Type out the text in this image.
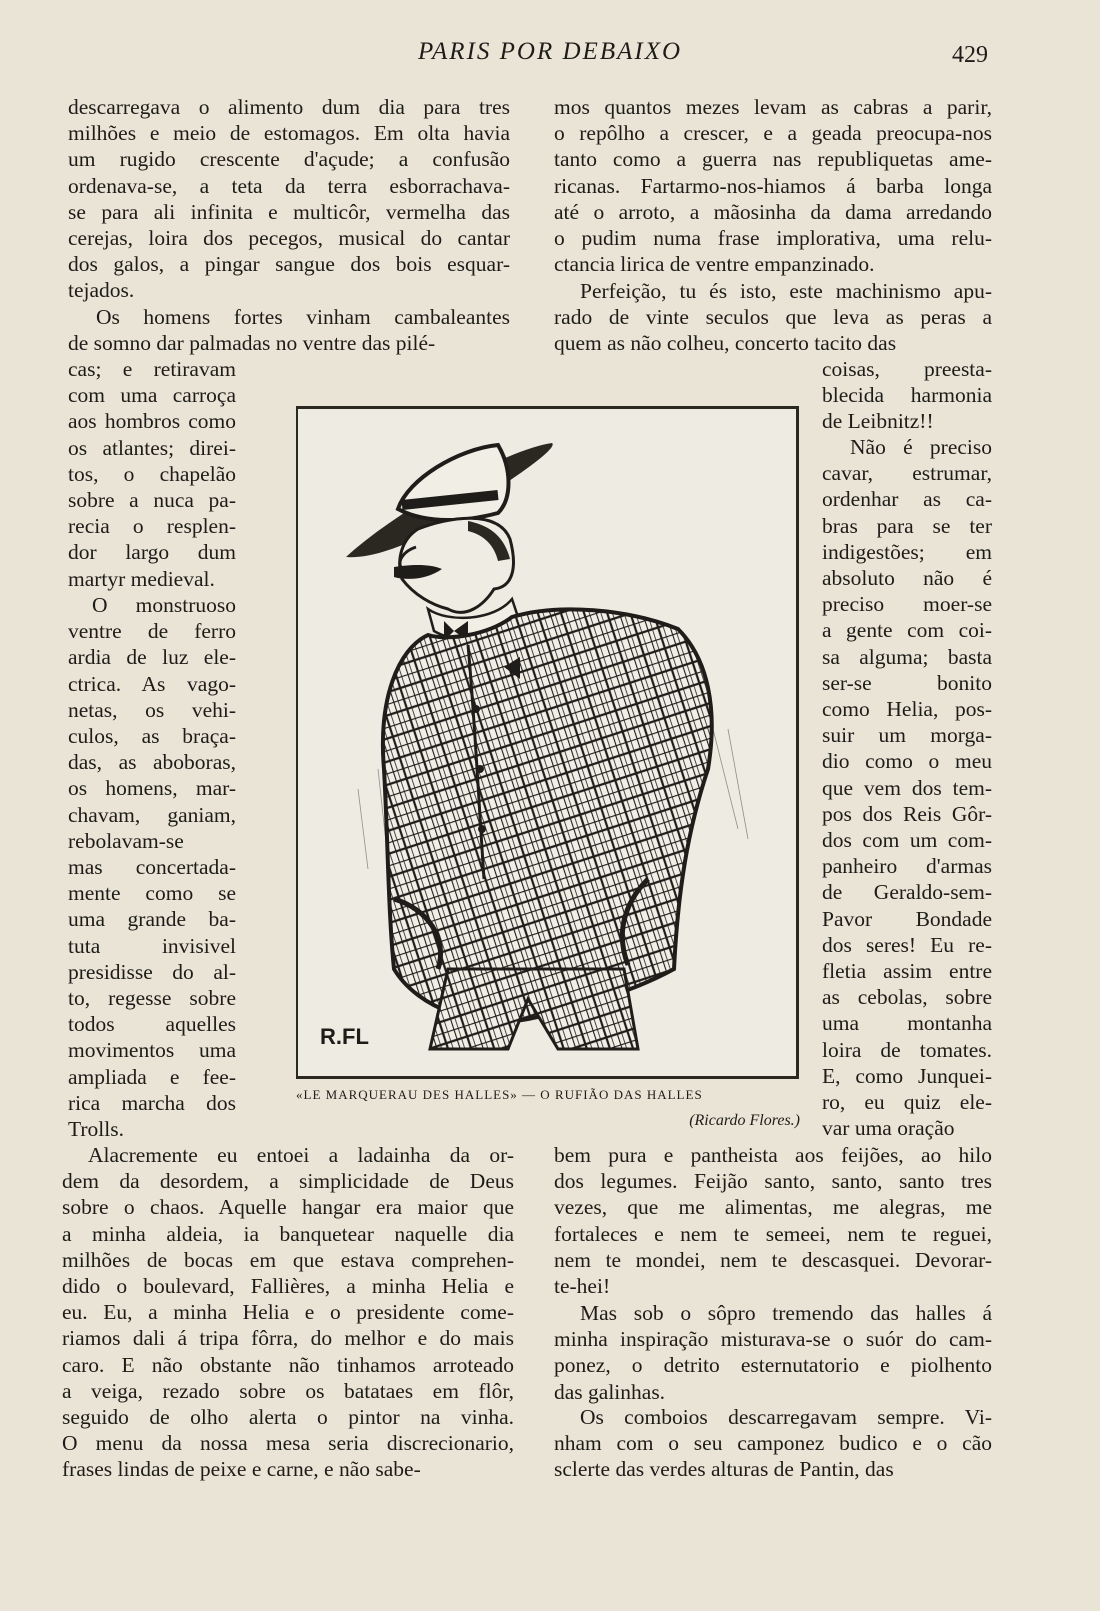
PARIS POR DEBAIXO	429
descarregava o alimento dum dia para tres
milhões e meio de estomagos. Em olta havia
um rugido crescente d'açude; a confusão
ordenava-se, a teta da terra esborrachava-
se para ali infinita e multicôr, vermelha das
cerejas, loira dos pecegos, musical do cantar
dos galos, a pingar sangue dos bois esquar-
tejados.
Os homens fortes vinham cambaleantes
de somno dar palmadas no ventre das pilé-
cas; e retiravam
com uma carroça
aos hombros como
os atlantes; direi-
tos, o chapelão
sobre a nuca pa-
recia o resplen-
dor largo dum
martyr medieval.
O monstruoso
ventre de ferro
ardia de luz ele-
ctrica. As vago-
netas, os vehi-
culos, as braça-
das, as aboboras,
os homens, mar-
chavam, ganiam,
rebolavam-se
mas concertada-
mente como se
uma grande ba-
tuta invisivel
presidisse do al-
to, regesse sobre
todos aquelles
movimentos uma
ampliada e fee-
rica marcha dos
Trolls.
Alacremente eu entoei a ladainha da or-
dem da desordem, a simplicidade de Deus
sobre o chaos. Aquelle hangar era maior que
a minha aldeia, ia banquetear naquelle dia
milhões de bocas em que estava comprehen-
dido o boulevard, Fallières, a minha Helia e
eu. Eu, a minha Helia e o presidente come-
riamos dali á tripa fôrra, do melhor e do mais
caro. E não obstante não tinhamos arroteado
a veiga, rezado sobre os batataes em flôr,
seguido de olho alerta o pintor na vinha.
O menu da nossa mesa seria discrecionario,
frases lindas de peixe e carne, e não sabe-
mos quantos mezes levam as cabras a parir,
o repôlho a crescer, e a geada preocupa-nos
tanto como a guerra nas republiquetas ame-
ricanas. Fartarmo-nos-hiamos á barba longa
até o arroto, a mãosinha da dama arredando
o pudim numa frase implorativa, uma relu-
ctancia lirica de ventre empanzinado.
Perfeição, tu és isto, este machinismo apu-
rado de vinte seculos que leva as peras a
quem as não colheu, concerto tacito das
coisas, preesta-
blecida harmonia
de Leibnitz!!
Não é preciso
cavar, estrumar,
ordenhar as ca-
bras para se ter
indigestões; em
absoluto não é
preciso moer-se
a gente com coi-
sa alguma; basta
ser-se bonito
como Helia, pos-
suir um morga-
dio como o meu
que vem dos tem-
pos dos Reis Gôr-
dos com um com-
panheiro d'armas
de Geraldo-sem-
Pavor Bondade
dos seres! Eu re-
fletia assim entre
as cebolas, sobre
uma montanha
loira de tomates.
E, como Junquei-
ro, eu quiz ele-
var uma oração
bem pura e pantheista aos feijões, ao hilo
dos legumes. Feijão santo, santo, santo tres
vezes, que me alimentas, me alegras, me
fortaleces e nem te semeei, nem te reguei,
nem te mondei, nem te descasquei. Devorar-
te-hei!
Mas sob o sôpro tremendo das halles á
minha inspiração misturava-se o suór do cam-
ponez, o detrito esternutatorio e piolhento
das galinhas.
Os comboios descarregavam sempre. Vi-
nham com o seu camponez budico e o cão
sclerte das verdes alturas de Pantin, das
R.FL
«LE MARQUERAU DES HALLES» — O RUFIÃO DAS HALLES
(Ricardo Flores.)
